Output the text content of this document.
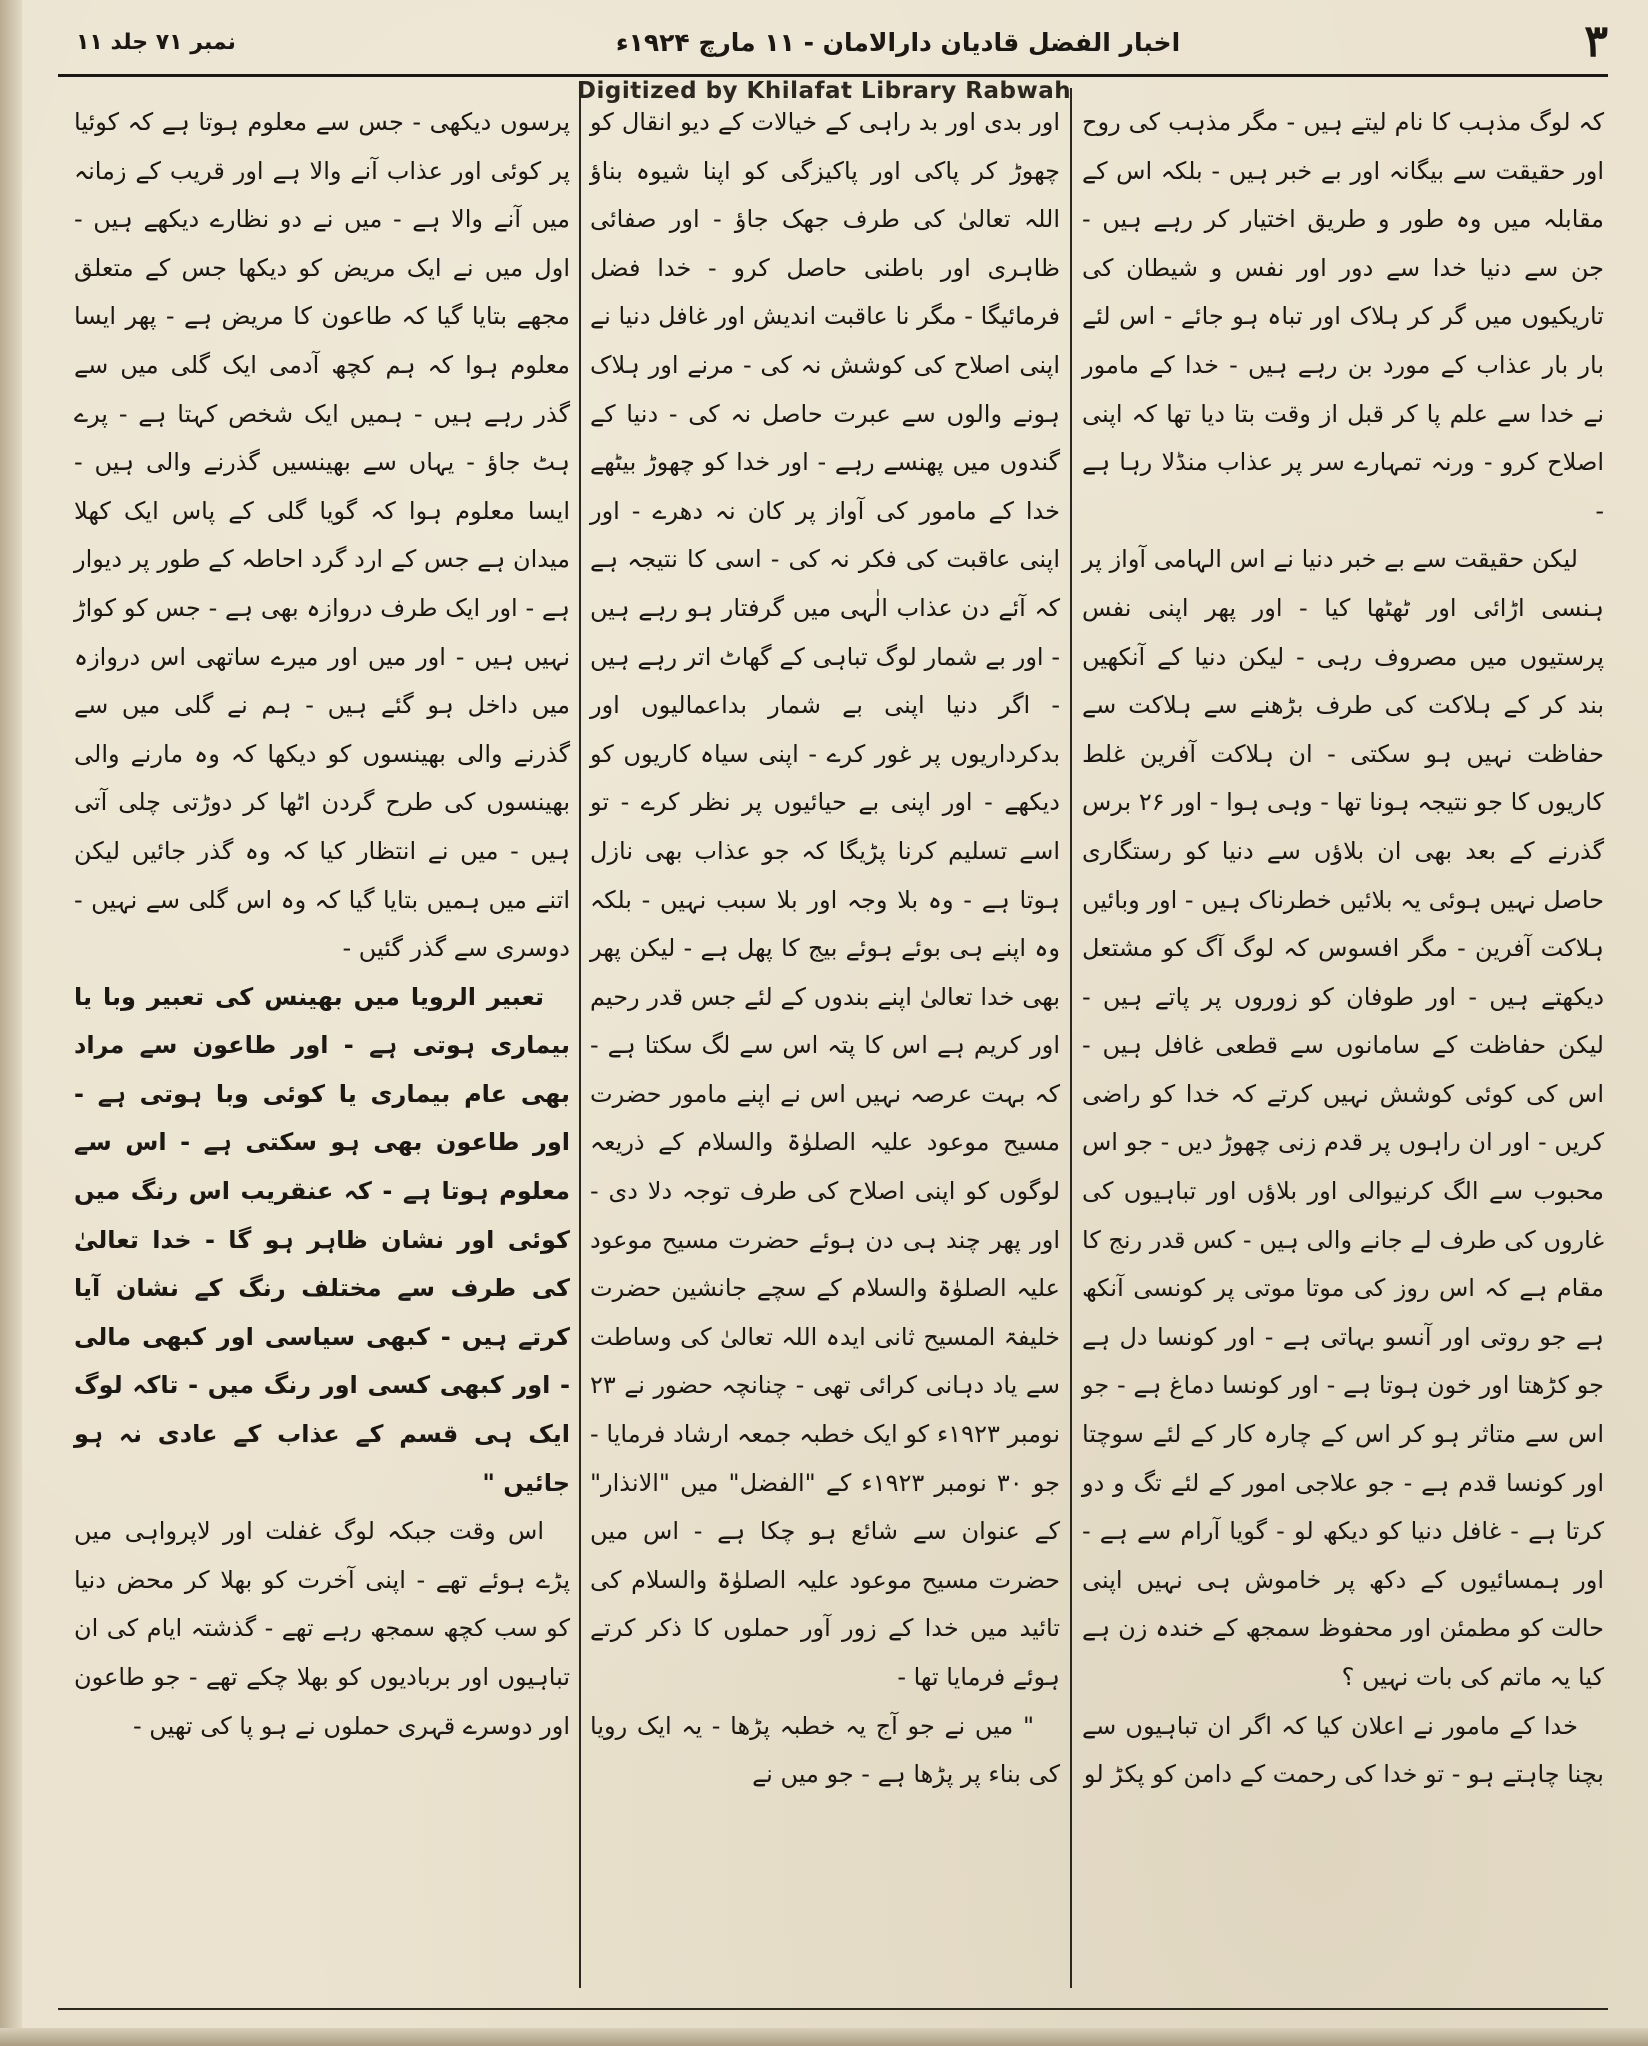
۳
اخبار الفضل قادیان دارالامان - ۱۱ مارچ ۱۹۲۴ء
نمبر ۷۱ جلد ۱۱
Digitized by Khilafat Library Rabwah

کہ لوگ مذہب کا نام لیتے ہیں - مگر مذہب کی روح اور حقیقت سے بیگانہ اور بے خبر ہیں - بلکہ اس کے مقابلہ میں وہ طور و طریق اختیار کر رہے ہیں - جن سے دنیا خدا سے دور اور نفس و شیطان کی تاریکیوں میں گر کر ہلاک اور تباہ ہو جائے - اس لئے بار بار عذاب کے مورد بن رہے ہیں - خدا کے مامور نے خدا سے علم پا کر قبل از وقت بتا دیا تھا کہ اپنی اصلاح کرو - ورنہ تمہارے سر پر عذاب منڈلا رہا ہے -

لیکن حقیقت سے بے خبر دنیا نے اس الہامی آواز پر ہنسی اڑائی اور ٹھٹھا کیا - اور پھر اپنی نفس پرستیوں میں مصروف رہی - لیکن دنیا کے آنکھیں بند کر کے ہلاکت کی طرف بڑھنے سے ہلاکت سے حفاظت نہیں ہو سکتی - ان ہلاکت آفرین غلط کاریوں کا جو نتیجہ ہونا تھا - وہی ہوا - اور ۲۶ برس گذرنے کے بعد بھی ان بلاؤں سے دنیا کو رستگاری حاصل نہیں ہوئی یہ بلائیں خطرناک ہیں - اور وبائیں ہلاکت آفرین - مگر افسوس کہ لوگ آگ کو مشتعل دیکھتے ہیں - اور طوفان کو زوروں پر پاتے ہیں - لیکن حفاظت کے سامانوں سے قطعی غافل ہیں - اس کی کوئی کوشش نہیں کرتے کہ خدا کو راضی کریں - اور ان راہوں پر قدم زنی چھوڑ دیں - جو اس محبوب سے الگ کرنیوالی اور بلاؤں اور تباہیوں کی غاروں کی طرف لے جانے والی ہیں - کس قدر رنج کا مقام ہے کہ اس روز کی موتا موتی پر کونسی آنکھ ہے جو روتی اور آنسو بہاتی ہے - اور کونسا دل ہے جو کڑھتا اور خون ہوتا ہے - اور کونسا دماغ ہے - جو اس سے متاثر ہو کر اس کے چارہ کار کے لئے سوچتا اور کونسا قدم ہے - جو علاجی امور کے لئے تگ و دو کرتا ہے - غافل دنیا کو دیکھ لو - گویا آرام سے ہے - اور ہمسائیوں کے دکھ پر خاموش ہی نہیں اپنی حالت کو مطمئن اور محفوظ سمجھ کے خندہ زن ہے کیا یہ ماتم کی بات نہیں ؟

خدا کے مامور نے اعلان کیا کہ اگر ان تباہیوں سے بچنا چاہتے ہو - تو خدا کی رحمت کے دامن کو پکڑ لو

اور بدی اور بد راہی کے خیالات کے دیو انقال کو چھوڑ کر پاکی اور پاکیزگی کو اپنا شیوہ بناؤ اللہ تعالیٰ کی طرف جھک جاؤ - اور صفائی ظاہری اور باطنی حاصل کرو - خدا فضل فرمائیگا - مگر نا عاقبت اندیش اور غافل دنیا نے اپنی اصلاح کی کوشش نہ کی - مرنے اور ہلاک ہونے والوں سے عبرت حاصل نہ کی - دنیا کے گندوں میں پھنسے رہے - اور خدا کو چھوڑ بیٹھے خدا کے مامور کی آواز پر کان نہ دھرے - اور اپنی عاقبت کی فکر نہ کی - اسی کا نتیجہ ہے کہ آئے دن عذاب الٰہی میں گرفتار ہو رہے ہیں - اور بے شمار لوگ تباہی کے گھاٹ اتر رہے ہیں - اگر دنیا اپنی بے شمار بداعمالیوں اور بدکرداریوں پر غور کرے - اپنی سیاہ کاریوں کو دیکھے - اور اپنی بے حیائیوں پر نظر کرے - تو اسے تسلیم کرنا پڑیگا کہ جو عذاب بھی نازل ہوتا ہے - وہ بلا وجہ اور بلا سبب نہیں - بلکہ وہ اپنے ہی بوئے ہوئے بیج کا پھل ہے - لیکن پھر بھی خدا تعالیٰ اپنے بندوں کے لئے جس قدر رحیم اور کریم ہے اس کا پتہ اس سے لگ سکتا ہے - کہ بہت عرصہ نہیں اس نے اپنے مامور حضرت مسیح موعود علیہ الصلوٰۃ والسلام کے ذریعہ لوگوں کو اپنی اصلاح کی طرف توجہ دلا دی - اور پھر چند ہی دن ہوئے حضرت مسیح موعود علیہ الصلوٰۃ والسلام کے سچے جانشین حضرت خلیفۃ المسیح ثانی ایدہ اللہ تعالیٰ کی وساطت سے یاد دہانی کرائی تھی - چنانچہ حضور نے ۲۳ نومبر ۱۹۲۳ء کو ایک خطبہ جمعہ ارشاد فرمایا - جو ۳۰ نومبر ۱۹۲۳ء کے "الفضل" میں "الانذار" کے عنوان سے شائع ہو چکا ہے - اس میں حضرت مسیح موعود علیہ الصلوٰۃ والسلام کی تائید میں خدا کے زور آور حملوں کا ذکر کرتے ہوئے فرمایا تھا -

" میں نے جو آج یہ خطبہ پڑھا - یہ ایک رویا کی بناء پر پڑھا ہے - جو میں نے

پرسوں دیکھی - جس سے معلوم ہوتا ہے کہ کوئیا پر کوئی اور عذاب آنے والا ہے اور قریب کے زمانہ میں آنے والا ہے - میں نے دو نظارے دیکھے ہیں - اول میں نے ایک مریض کو دیکھا جس کے متعلق مجھے بتایا گیا کہ طاعون کا مریض ہے - پھر ایسا معلوم ہوا کہ ہم کچھ آدمی ایک گلی میں سے گذر رہے ہیں - ہمیں ایک شخص کہتا ہے - پرے ہٹ جاؤ - یہاں سے بھینسیں گذرنے والی ہیں - ایسا معلوم ہوا کہ گویا گلی کے پاس ایک کھلا میدان ہے جس کے ارد گرد احاطہ کے طور پر دیوار ہے - اور ایک طرف دروازہ بھی ہے - جس کو کواڑ نہیں ہیں - اور میں اور میرے ساتھی اس دروازہ میں داخل ہو گئے ہیں - ہم نے گلی میں سے گذرنے والی بھینسوں کو دیکھا کہ وہ مارنے والی بھینسوں کی طرح گردن اٹھا کر دوڑتی چلی آتی ہیں - میں نے انتظار کیا کہ وہ گذر جائیں لیکن اتنے میں ہمیں بتایا گیا کہ وہ اس گلی سے نہیں - دوسری سے گذر گئیں -

تعبیر الرویا میں بھینس کی تعبیر وبا یا بیماری ہوتی ہے - اور طاعون سے مراد بھی عام بیماری یا کوئی وبا ہوتی ہے - اور طاعون بھی ہو سکتی ہے - اس سے معلوم ہوتا ہے - کہ عنقریب اس رنگ میں کوئی اور نشان ظاہر ہو گا - خدا تعالیٰ کی طرف سے مختلف رنگ کے نشان آیا کرتے ہیں - کبھی سیاسی اور کبھی مالی - اور کبھی کسی اور رنگ میں - تاکہ لوگ ایک ہی قسم کے عذاب کے عادی نہ ہو جائیں "

اس وقت جبکہ لوگ غفلت اور لاپرواہی میں پڑے ہوئے تھے - اپنی آخرت کو بھلا کر محض دنیا کو سب کچھ سمجھ رہے تھے - گذشتہ ایام کی ان تباہیوں اور بربادیوں کو بھلا چکے تھے - جو طاعون اور دوسرے قہری حملوں نے ہو پا کی تھیں -
